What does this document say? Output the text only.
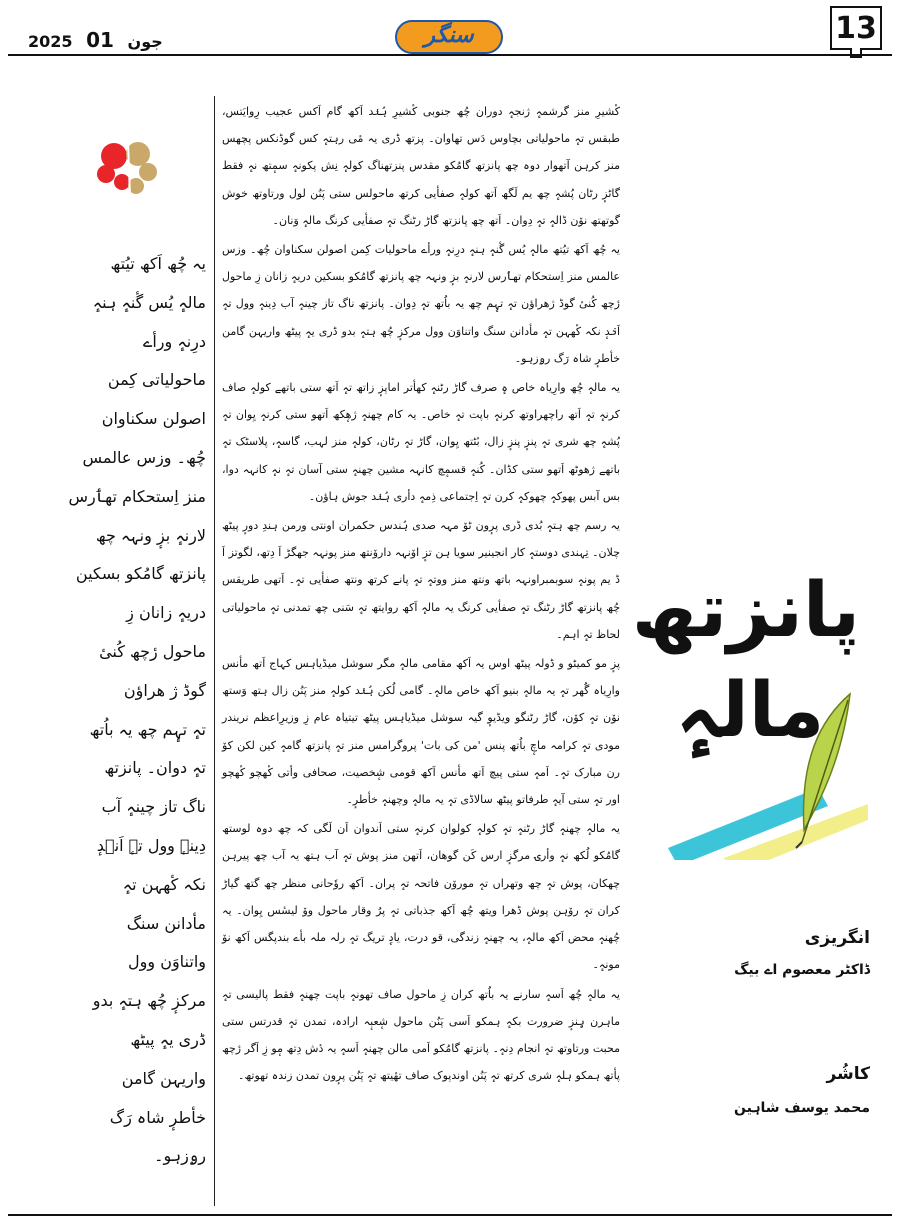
2025	جون 01	سنگر	13
یہ چُھ اَکھ تیُتھ
مالہٕ یُس گٔنہٕ ہنہٕ
درِنہٕ ورأے
ماحولیاتی کِمن
اصولن سکناوان
چُھ۔ وزس عالمس
منز اِستحکام تھٲرس
لارنہٕ بزٕ ونہہ چھ
پانزتھ گامُکو بسکین
دریہٕ زانان زِ
ماحول رٔچھ کُنیٔ
گوڈ ژ ھراؤن
تہٕ تہٕم چھ یہ باُتھ
تہٕ دوان۔ پانزتھ
ناگ تاز چینہٕ آب
دِینہٕ وول تہٕ اَنٛدٕ
نکہ کٔھہن تہٕ
مأدانن سنگ
واتناوَن وول
مرکزٕ چُھ ہتہٕ بدو
ڈری یہٕ پیٹھ
واریہن گامن
خأطرٕ شاہ رَگ
رۄزہو۔

کٔشیرِ منز گرشمہٕ ژنجہٕ دوران چُھ جنوبی کٔشیرِ ہُنٛد اَکھ گام اَکس عجیب رِوایَتس، طبقس تہٕ ماحولیاتی بچاوس دَس تھاوان۔ پزتھ ڈری یہ مٔی رہتہٕ کس گوڈنکس پچھس منز کرہن آتھوار دوہ چھ پانزتھ گامُکو مقدس پنزتھناگ کولہٕ نِش پکونہٕ سمٕتھ نہٕ فقط گاٹزٕ رٹان پُشہٕ چھ یم لَگھ اَتھ کولہٕ صفأیی کرتھ ماحولس ستی پَنُن لول ورتاوتھ خوش گوتھتھ نوٚن ڈالہٕ تہٕ دِوان۔ اَتھ چھ پانزتھ گاڑ رٹنگ تہٕ صفأیی کرنگ مالہٕ وَنان۔

یہ چُھ اَکھ تیُتھ مالہٕ یُس گٔنہٕ ہنہٕ درِنہٕ ورأے ماحولیات کِمن اصولن سکناوان چُھ۔ وزس عالمس منز اِستحکام تھٲرس لارنہٕ بزٕ ونہہ چھ پانزتھ گامُکو بسکین دریہٕ زانان زِ ماحول رٔچھ کُنیٔ گوڈ ژھراؤن تہٕ تہٕم چھ یہ باُتھ تہٕ دِوان۔ پانزتھ ناگ تاز چینہٕ آب دِینہٕ وول تہٕ اَنٛدٕ نکہ کٔھہن تہٕ مأدانن سنگ واتناوَن وول مرکزٕ چُھ ہتہٕ بدو ڈری یہٕ پیٹھ واریہن گامن خأطرٕ شاہ رَگ رۄزہو۔

یہ مالہٕ چُھ وارِیاہ خاص ہٕ صرف گاڑ رٹنہٕ کھأتر اماپزٕ زاتھ تہٕ اَتھ ستی باتھے کولہٕ صاف کرنہٕ تہٕ اَتھ راچھراوتھ کرنہٕ باپت تہٕ خاص۔ یہ کام چھنہٕ ژھٕکھ اَتھو ستی کرنہٕ یِوان تہٕ پُشہٕ چھ شری تہٕ پنزٕ پنزٕ زال، بٔٹتھ یِوان، گاڑ تہٕ رٹان، کولہٕ منز لہب، گاسہٕ، پلاسٹک تہٕ باتھے ژھوٹھ اَتھو ستی کڈان۔ کُنہٕ قسمٕچ کانہہ مشین چھنہٕ ستی آسان تہٕ نہٕ کانہہ دوا، بس آبس پھوکہٕ چھوکہٕ کرن تہٕ اِجتماعی ذِمہٕ دأری ہُنٛد جوش ہاؤن۔

یہ رسم چھ ہتہٕ بُدی ڈری پرٕون ٹوٚ مہہ صدی ہُندس حکمران اونتی ورمن ہندِ دورٕ پیٹھ چلان۔ تِہندی دوستہٕ کار انجینیر سویا ہن تزٕ اوٚنہہ داروٚنتھ منز پونہہ جھگڑ اَ دِتھ، لگوتز اَ ڈ یم پونہٕ سوبمبراونہہ باتھ ونتھ منز ووتہٕ تہٕ پانے کرتھ ونتھ صفأیی تہٕ۔ اَتھی طریقس چُھ پانزتھ گاڑ رٹنگ تہٕ صفأیی کرنگ یہ مالہٕ اَکھ روایتھ تہٕ سَنی چھ تمدنی تہٕ ماحولیاتی لحاظ تہٕ اہم۔

پزٕ مو کمیٹو و ڈولہ پیٹھ اوس یہ اَکھ مقامی مالہٕ مگر سوشل میڈیاہس کہاج اَتھ مأنس وارِیاہ گُھر تہٕ یہ مالہٕ بنیو اَکھ خاص مالہٕ۔ گامی لُکن ہُنٛد کولہٕ منز پَنُن زال ہتھ وَستھ نوٚن تہٕ کوٚن، گاڑ رٹنگو ویڈیوٕ گیہ سوشل میڈیاہس پیٹھ تیتیاہ عام زِ وزیرِاعظم نریندر مودی تہٕ کرامہ ماچٕ باُتھ پنس 'من کی بات' پروگرامس منز تہٕ پانزتھ گامہٕ کین لکن کوٚ رن مبارک تہٕ۔ اَمہٕ ستی پیچ اَتھ مأنس اَکھ قومی شٕخصیت، صحافی وأتی کٔھچو کٔھچو اور تہٕ ستی آیہٕ طرفاتو پیٹھ سالاڈی تہٕ یہ مالہٕ وچھنہٕ خأطرٕ۔

یہ مالہٕ چھنہٕ گاڑ رٹنہٕ تہٕ کولہٕ کولوان کرنہٕ ستی اَندوان اَن لَگی کہ چھ دوہ لوستھ گامُکو لُکھ نہٕ وأرۍ مرگزٕ ارس کَن گوھان، اَتھن منز پوش تہٕ آب ہتھ یہ آب چھ پیرہن چھکان، پوش تہٕ چھ وتھراں تہٕ موروٚن فاتحہ تہٕ پران۔ اَکھ روٗحانی منظر چھ گتھ گیاڑ کران تہٕ روٚہن پوش ڈھرا ویتھ چُھ اَکھ جذباتی تہٕ پرُ وقار ماحول ووٚ لیسٔس یِوان۔ یہ چُھنہٕ محض اَکھ مالہٕ، یہ چھنہٕ زندگی، قو درت، یادِٕ تریگ تہٕ رلہ ملہ بأے بندپگس اَکھ نوٚ مونہٕ۔

یہ مالہٕ چُھ اَسہٕ سارنے یہ باُتھ کران زِ ماحول صاف تھونہٕ باپت چھنہٕ فقط پالیسی تہٕ ماہرن ہٕنزٕ ضرورت بکہٕ ہمکو اَسی پَنُن ماحول شٕعبٕہ ارادہ، تمدن تہٕ قدرتس ستی محبت ورتاوتھ تہٕ انجام دِنہٕ۔ پانزتھ گامُکو اَمی مالن چھنہٕ اَسہٕ یہ دٔش دِتھ مٕو زِ اَگر رٔچھ پأتھ ہمکو ہلہٕ شری کرتھ تہٕ پَنُن اوندپوک صاف تھٔیتھ تہٕ پَنُن پرٕون تمدن زندہ تھوتھ۔

پانزتھ
مالہٕ
انگریزی
ڈاکٹر معصوم اے بیگ
کاشُر
محمد یوسف شاہین
